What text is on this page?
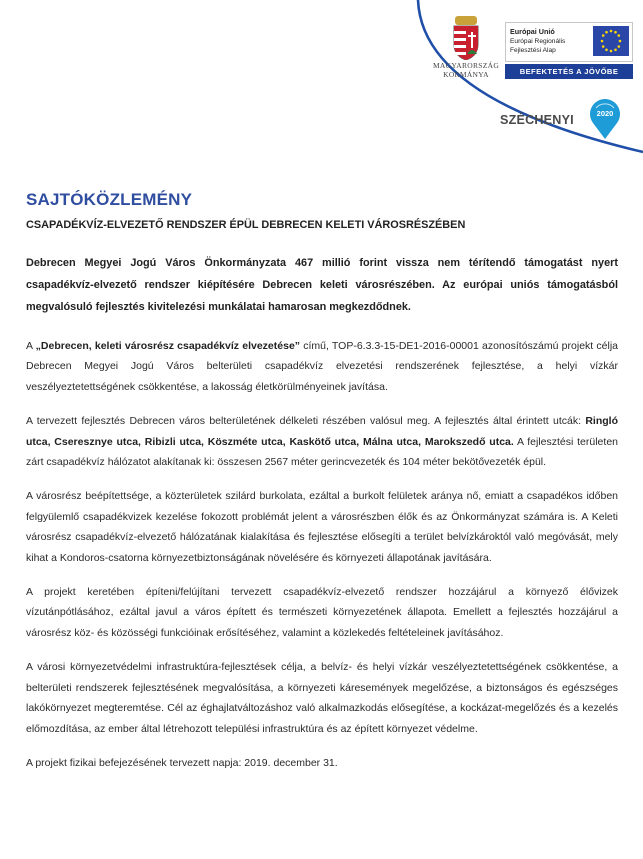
MAGYARORSZÁG
KORMÁNYA
Európai Unió
Európai Regionális
Fejlesztési Alap
BEFEKTETÉS A JÖVŐBE
SZÉCHENYI	2020
SAJTÓKÖZLEMÉNY
CSAPADÉKVÍZ-ELVEZETŐ RENDSZER ÉPÜL DEBRECEN KELETI VÁROSRÉSZÉBEN

Debrecen Megyei Jogú Város Önkormányzata 467 millió forint vissza nem térítendő támogatást nyert csapadékvíz-elvezető rendszer kiépítésére Debrecen keleti városrészében. Az európai uniós támogatásból megvalósuló fejlesztés kivitelezési munkálatai hamarosan megkezdődnek.

A „Debrecen, keleti városrész csapadékvíz elvezetése” című, TOP-6.3.3-15-DE1-2016-00001 azonosítószámú projekt célja Debrecen Megyei Jogú Város belterületi csapadékvíz elvezetési rendszerének fejlesztése, a helyi vízkár veszélyeztetettségének csökkentése, a lakosság életkörülményeinek javítása.

A tervezett fejlesztés Debrecen város belterületének délkeleti részében valósul meg. A fejlesztés által érintett utcák: Ringló utca, Cseresznye utca, Ribizli utca, Köszméte utca, Kaskötő utca, Málna utca, Marokszedő utca. A fejlesztési területen zárt csapadékvíz hálózatot alakítanak ki: összesen 2567 méter gerincvezeték és 104 méter bekötővezeték épül.

A városrész beépítettsége, a közterületek szilárd burkolata, ezáltal a burkolt felületek aránya nő, emiatt a csapadékos időben felgyülemlő csapadékvizek kezelése fokozott problémát jelent a városrészben élők és az Önkormányzat számára is. A Keleti városrész csapadékvíz-elvezető hálózatának kialakítása és fejlesztése elősegíti a terület belvízkároktól való megóvását, mely kihat a Kondoros-csatorna környezetbiztonságának növelésére és környezeti állapotának javítására.

A projekt keretében építeni/felújítani tervezett csapadékvíz-elvezető rendszer hozzájárul a környező élővizek vízutánpótlásához, ezáltal javul a város épített és természeti környezetének állapota. Emellett a fejlesztés hozzájárul a városrész köz- és közösségi funkcióinak erősítéséhez, valamint a közlekedés feltételeinek javításához.

A városi környezetvédelmi infrastruktúra-fejlesztések célja, a belvíz- és helyi vízkár veszélyeztetettségének csökkentése, a belterületi rendszerek fejlesztésének megvalósítása, a környezeti káresemények megelőzése, a biztonságos és egészséges lakókörnyezet megteremtése. Cél az éghajlatváltozáshoz való alkalmazkodás elősegítése, a kockázat-megelőzés és a kezelés előmozdítása, az ember által létrehozott települési infrastruktúra és az épített környezet védelme.

A projekt fizikai befejezésének tervezett napja: 2019. december 31.
